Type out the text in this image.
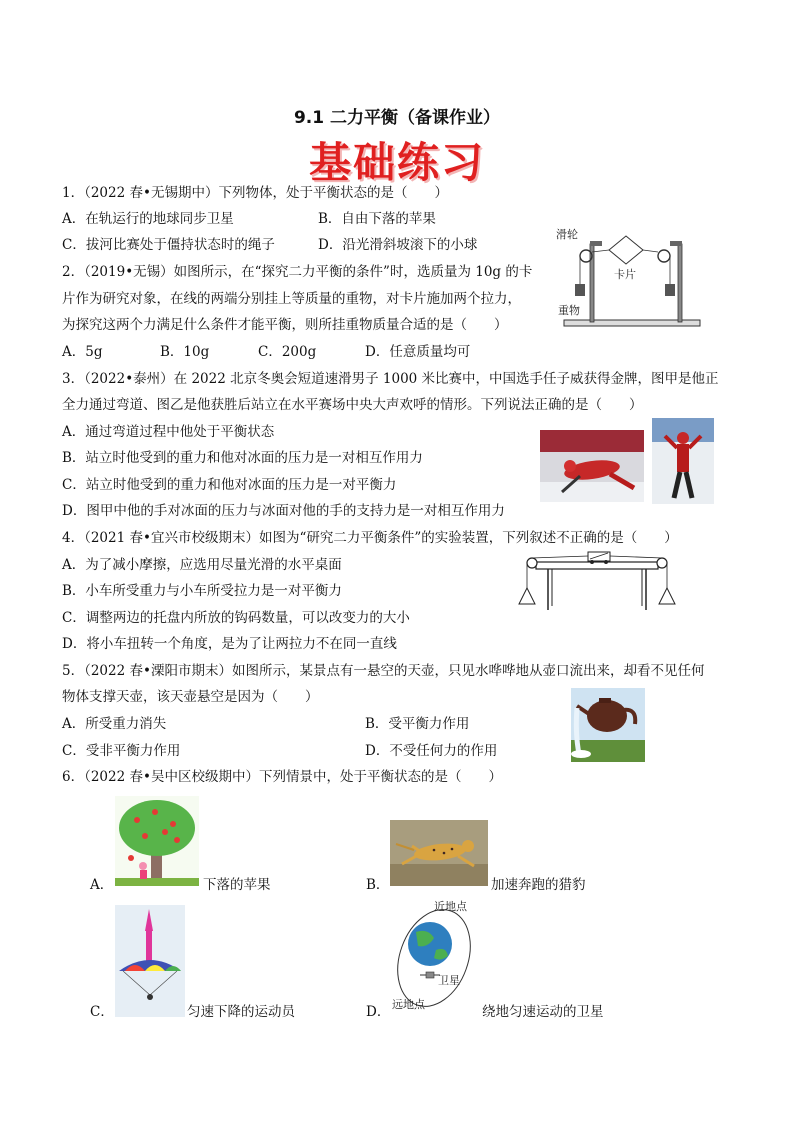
9.1 二力平衡（备课作业）
基础练习
1．（2022 春•无锡期中）下列物体，处于平衡状态的是（　　）
A．在轨运行的地球同步卫星	B．自由下落的苹果
C．拔河比赛处于僵持状态时的绳子	D．沿光滑斜坡滚下的小球
滑轮
卡片
重物
2．（2019•无锡）如图所示，在“探究二力平衡的条件”时，选质量为 10g 的卡
片作为研究对象，在线的两端分别挂上等质量的重物，对卡片施加两个拉力，
为探究这两个力满足什么条件才能平衡，则所挂重物质量合适的是（　　）
A．5g	B．10g	C．200g	D．任意质量均可
3．（2022•泰州）在 2022 北京冬奥会短道速滑男子 1000 米比赛中，中国选手任子威获得金牌，图甲是他正
全力通过弯道、图乙是他获胜后站立在水平赛场中央大声欢呼的情形。下列说法正确的是（　　）
A．通过弯道过程中他处于平衡状态
B．站立时他受到的重力和他对冰面的压力是一对相互作用力
C．站立时他受到的重力和他对冰面的压力是一对平衡力
D．图甲中他的手对冰面的压力与冰面对他的手的支持力是一对相互作用力
4．（2021 春•宜兴市校级期末）如图为“研究二力平衡条件”的实验装置，下列叙述不正确的是（　　）
A．为了减小摩擦，应选用尽量光滑的水平桌面
B．小车所受重力与小车所受拉力是一对平衡力
C．调整两边的托盘内所放的钩码数量，可以改变力的大小
D．将小车扭转一个角度，是为了让两拉力不在同一直线
5．（2022 春•溧阳市期末）如图所示，某景点有一悬空的天壶，只见水哗哗地从壶口流出来，却看不见任何
物体支撑天壶，该天壶悬空是因为（　　）
A．所受重力消失	B．受平衡力作用
C．受非平衡力作用	D．不受任何力的作用
6．（2022 春•吴中区校级期中）下列情景中，处于平衡状态的是（　　）
A．	下落的苹果	B．	加速奔跑的猎豹
C．	匀速下降的运动员
近地点
远地点
卫星
D．	绕地匀速运动的卫星
